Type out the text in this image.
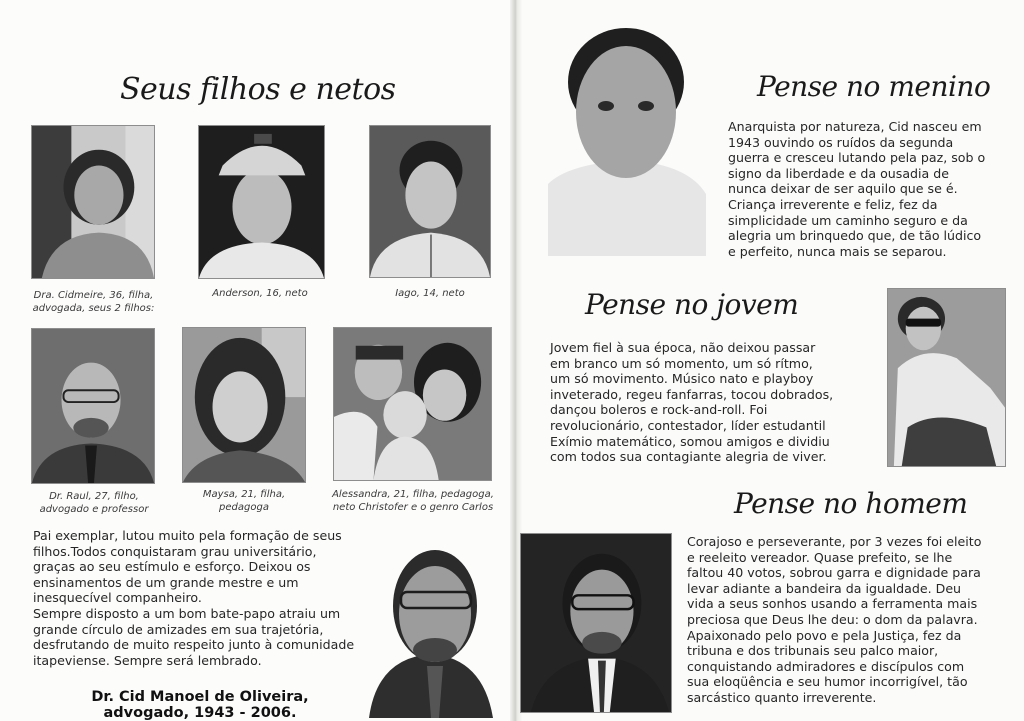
Seus filhos e netos
Dra. Cidmeire, 36, filha,
advogada, seus 2 filhos:
Anderson, 16, neto	Iago, 14, neto
Dr. Raul, 27, filho,
advogado e professor
Maysa, 21, filha,
pedagoga
Alessandra, 21, filha, pedagoga,
neto Christofer e o genro Carlos
Pai exemplar, lutou muito pela formação de seus
filhos.Todos conquistaram grau universitário,
graças ao seu estímulo e esforço. Deixou os
ensinamentos de um grande mestre e um
inesquecível companheiro.
Sempre disposto a um bom bate-papo atraiu um
grande círculo de amizades em sua trajetória,
desfrutando de muito respeito junto à comunidade
itapeviense. Sempre será lembrado.
Dr. Cid Manoel de Oliveira,
advogado, 1943 - 2006.
Pense no menino
Anarquista por natureza, Cid nasceu em
1943 ouvindo os ruídos da segunda
guerra e cresceu lutando pela paz, sob o
signo da liberdade e da ousadia de
nunca deixar de ser aquilo que se é.
Criança irreverente e feliz, fez da
simplicidade um caminho seguro e da
alegria um brinquedo que, de tão lúdico
e perfeito, nunca mais se separou.
Pense no jovem
Jovem fiel à sua época, não deixou passar
em branco um só momento, um só rítmo,
um só movimento. Músico nato e playboy
inveterado, regeu fanfarras, tocou dobrados,
dançou boleros e rock-and-roll. Foi
revolucionário, contestador, líder estudantil
Exímio matemático, somou amigos e dividiu
com todos sua contagiante alegria de viver.
Pense no homem
Corajoso e perseverante, por 3 vezes foi eleito
e reeleito vereador. Quase prefeito, se lhe
faltou 40 votos, sobrou garra e dignidade para
levar adiante a bandeira da igualdade. Deu
vida a seus sonhos usando a ferramenta mais
preciosa que Deus lhe deu: o dom da palavra.
Apaixonado pelo povo e pela Justiça, fez da
tribuna e dos tribunais seu palco maior,
conquistando admiradores e discípulos com
sua eloqüência e seu humor incorrigível, tão
sarcástico quanto irreverente.
